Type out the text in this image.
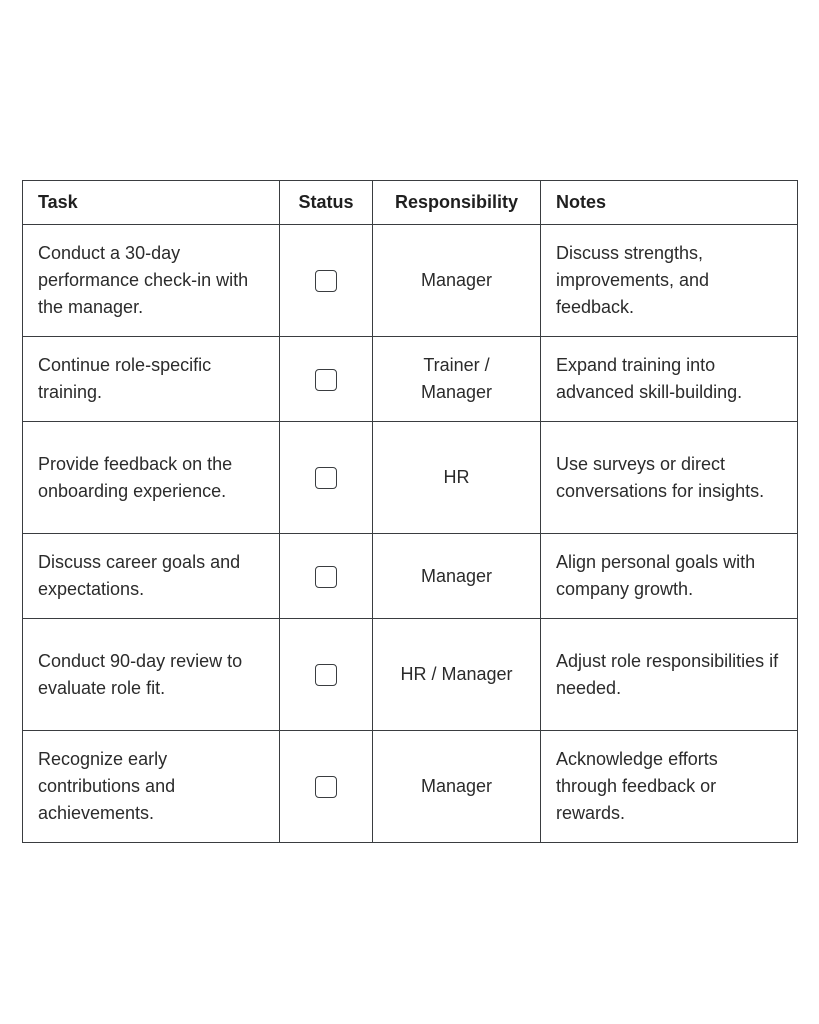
Task	Status	Responsibility	Notes
Conduct a 30-day performance check-in with the manager.		Manager	Discuss strengths, improvements, and feedback.
Continue role-specific training.		Trainer / Manager	Expand training into advanced skill-building.
Provide feedback on the onboarding experience.		HR	Use surveys or direct conversations for insights.
Discuss career goals and expectations.		Manager	Align personal goals with company growth.
Conduct 90-day review to evaluate role fit.		HR / Manager	Adjust role responsibilities if needed.
Recognize early contributions and achievements.		Manager	Acknowledge efforts through feedback or rewards.
